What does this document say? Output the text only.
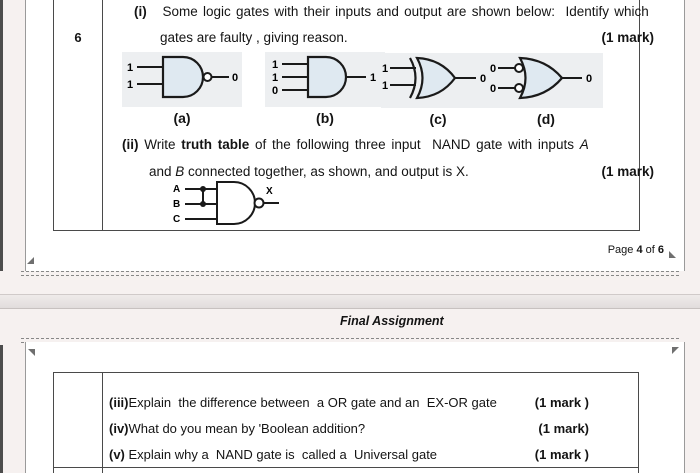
6
(i) Some logic gates with their inputs and output are shown below:  Identify which
gates are faulty , giving reason.	(1 mark)
1
1
0
(a)
1
1
0
1
(b)
1
1
0
(c)
0
0
0
(d)
(ii) Write truth table of the following three input  NAND gate with inputs A
and B connected together, as shown, and output is X.	(1 mark)
A
B
C
X
Page 4 of 6
Final Assignment
(iii)Explain  the difference between  a OR gate and an  EX-OR gate	(1 mark )
(iv)What do you mean by 'Boolean addition?	(1 mark)
(v) Explain why a  NAND gate is  called a  Universal gate	(1 mark )
